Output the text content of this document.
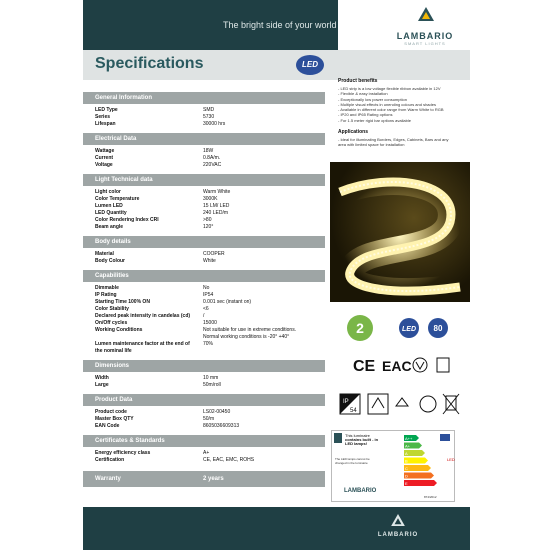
The bright side of your world
LAMBARIO
SMART LIGHTS
Specifications	LED
General Information
LED Type	SMD
Series	5730
Lifespan	30000 hrs
Electrical Data
Wattage	18W
Current	0.8A/m.
Voltage	220VAC
Light Technical data
Light color	Warm White
Color Temperature	3000K
Lumen LED	15 LM/ LED
LED Quantity	240 LED/m
Color Rendering Index CRI	>80
Beam angle	120°
Body details
Material	COOPER
Body Colour	White
Capabilities
Dimmable	No
IP Rating	IP54
Starting Time 100% ON	0.001 sec (instant on)
Color Stability	<6
Declared peak intensity in candelas (cd)	/
On/Off cycles	15000
Working Conditions	Not suitable for use in extreme conditions.
Normal working conditions is -20° +40°
Lumen maintenance factor at the end of	70%
the nominal life
Dimensions
Width	10 mm
Large	50m/roll
Product Data
Product code	LS02-00450
Master Box QTY	50/m
EAN Code	8605036609313
Certificates & Standards
Energy efficiency class	A+
Certification	CE, EAC, EMC, ROHS
Warranty	2 years
Product benefits
- LED strip is a low voltage flexible ribbon available in 12V
- Flexible & easy installation
- Exceptionally low power consumption
- Multiple visual effects in unending colours and shades
- Available in different color range from Warm White to RGB
- IP20 and IP65 Rating options
- For 1.5 meter rigid bar options available
Applications
- Ideal for illuminating Borders, Edges, Cabinets, Bars and any
area with limited space for installation
2	LED 80
CE EAC
IP
54
This luminaire
contains built - in
LED lamps!
The LED lamps cannot be
changed in the luminaire
LAMBARIO
A++
A+
A
B
C
D
E
LED
874/2012
LAMBARIO
